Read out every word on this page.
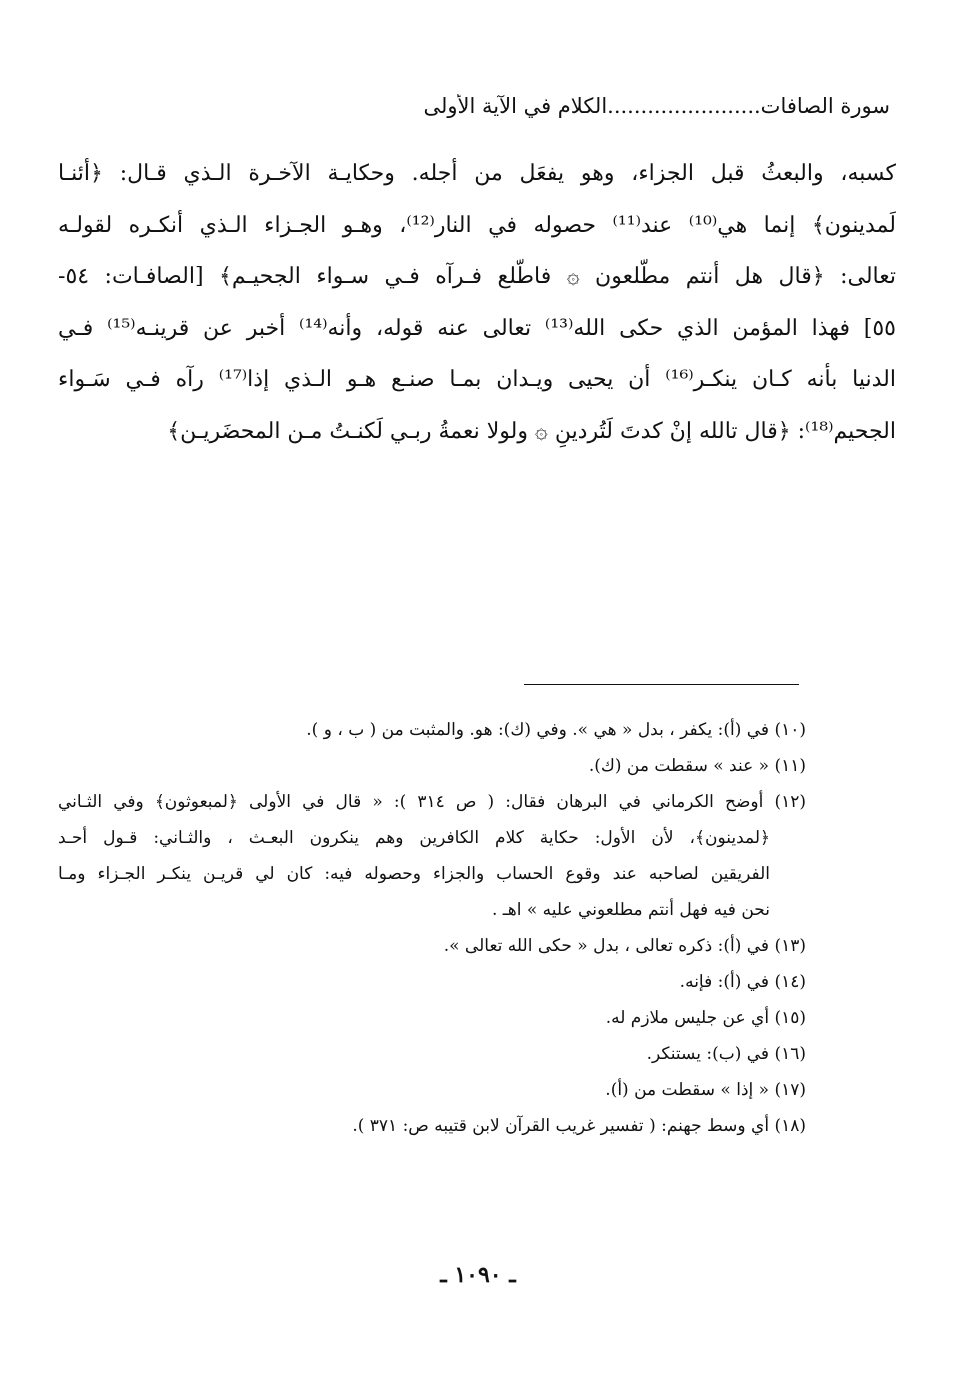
سورة الصافات.......................الكلام في الآية الأولى
كسبه، والبعثُ قبل الجزاء، وهو يفعَل من أجله. وحكايـة الآخـرة الـذي قـال: ﴿أئنـا
لَمدينون﴾ إنما هي⁽¹⁰⁾ عند⁽¹¹⁾ حصوله في النار⁽¹²⁾، وهـو الجـزاء الـذي أنكـره لقولـه
تعالى: ﴿قال هل أنتم مطّلعون ۞ فاطّلع فـرآه فـي سـواء الجحيـم﴾ [الصافـات: ٥٤-
٥٥] فهذا المؤمن الذي حكى الله⁽¹³⁾ تعالى عنه قوله، وأنه⁽¹⁴⁾ أخبر عن قرينـه⁽¹⁵⁾ فـي
الدنيا بأنه كـان ينكـر⁽¹⁶⁾ أن يحيى ويـدان بمـا صنـع هـو الـذي إذا⁽¹⁷⁾ رآه فـي سَـواء
الجحيم⁽¹⁸⁾: ﴿قال تالله إنْ كدتَ لَتُردينِ ۞ ولولا نعمةُ ربـي لَكنـتُ مـن المحضَريـن﴾
(١٠) في (أ): يكفر ، بدل « هي ». وفي (ك): هو. والمثبت من ( ب ، و ).
(١١) « عند » سقطت من (ك).
(١٢) أوضح الكرماني في البرهان فقال: ( ص ٣١٤ ): « قال في الأولى ﴿لمبعوثون﴾ وفي الثـاني
﴿لمدينون﴾، لأن الأول: حكاية كلام الكافرين وهم ينكرون البعـث ، والثـاني: قـول أحـد
الفريقين لصاحبه عند وقوع الحساب والجزاء وحصوله فيه: كان لي قريـن ينكـر الجـزاء ومـا
نحن فيه فهل أنتم مطلعوني عليه » اهـ .
(١٣) في (أ): ذكره تعالى ، بدل « حكى الله تعالى ».
(١٤) في (أ): فإنه.
(١٥) أي عن جليس ملازم له.
(١٦) في (ب): يستنكر.
(١٧) « إذا » سقطت من (أ).
(١٨) أي وسط جهنم: ( تفسير غريب القرآن لابن قتيبه ص: ٣٧١ ).
ـ ١٠٩٠ ـ
